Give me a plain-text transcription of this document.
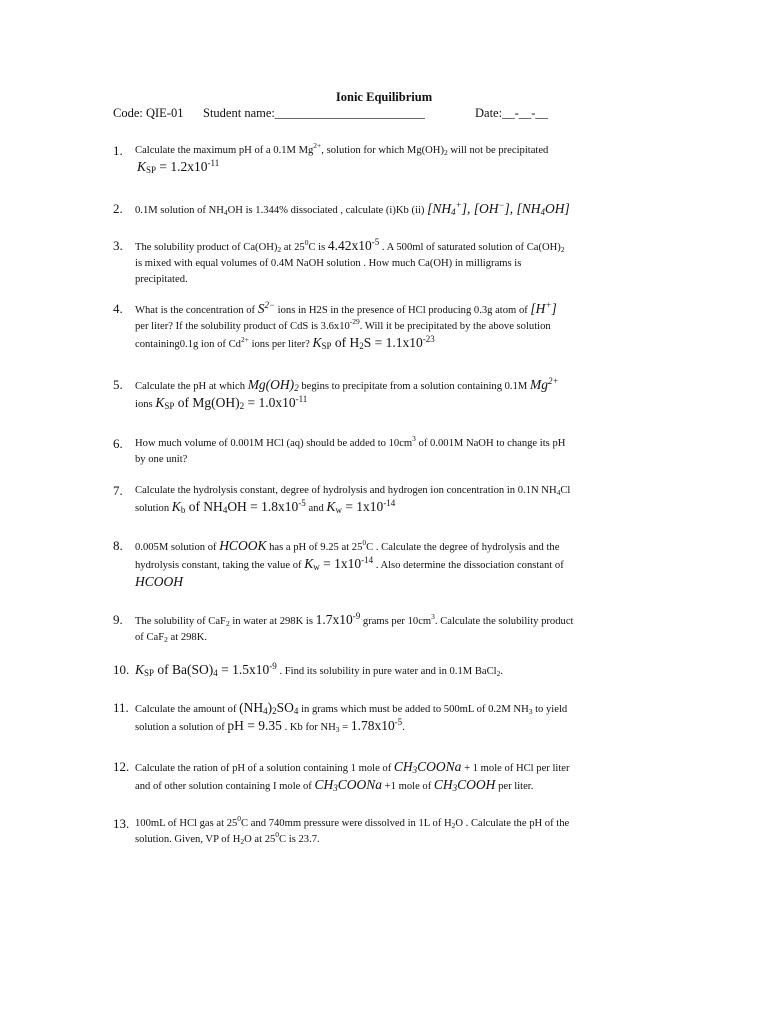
Ionic Equilibrium
Code: QIE-01 Student name:________________________	Date:__-__-__
1. Calculate the maximum pH of a 0.1M $Mg^{2+}$, solution for which $Mg(OH)_2$ will not be precipitated
$K_{SP} = 1.2x10^{-11}$
2. 0.1M solution of $NH_4OH$ is 1.344% dissociated , calculate (i)Kb (ii) $[NH_4^+]$, [OH−], $[NH_4OH]$
3. The solubility product of $Ca(OH)_2$ at $25^0C$ is $4.42x10^{-5}$ . A 500ml of saturated solution of $Ca(OH)_2$
is mixed with equal volumes of 0.4M NaOH solution . How much Ca(OH) in milligrams is
precipitated.
4. What is the concentration of $S^{2-}$ ions in H2S in the presence of HCl producing 0.3g atom of [H+]
per liter? If the solubility product of CdS is $3.6x10^{-29}$. Will it be precipitated by the above solution
containing0.1g ion of $Cd^{2+}$ ions per liter? $K_{SP}$ of $H_2S = 1.1x10^{-23}$
5. Calculate the pH at which $Mg(OH)_2$ begins to precipitate from a solution containing 0.1M $Mg^{2+}$
ions $K_{SP}$ of $Mg(OH)_2 = 1.0x10^{-11}$
6. How much volume of 0.001M HCl (aq) should be added to $10cm^3$ of 0.001M NaOH to change its pH
by one unit?
7. Calculate the hydrolysis constant, degree of hydrolysis and hydrogen ion concentration in 0.1N $NH_4Cl$
solution $K_b$ of $NH_4OH = 1.8x10^{-5}$ and $K_w = 1x10^{-14}$
8. 0.005M solution of HCOOK has a pH of 9.25 at $25^0C$ . Calculate the degree of hydrolysis and the
hydrolysis constant, taking the value of $K_w = 1x10^{-14}$ . Also determine the dissociation constant of
HCOOH
9. The solubility of CaF$_2$ in water at 298K is $1.7x10^{-9}$ grams per $10cm^3$. Calculate the solubility product
of CaF$_2$ at 298K.
10. $K_{SP}$ of $Ba(SO)_4 = 1.5x10^{-9}$ . Find its solubility in pure water and in 0.1M BaCl$_2$.
11. Calculate the amount of $(NH_4)_2SO_4$ in grams which must be added to 500mL of 0.2M $NH_3$ to yield
solution a solution of pH = 9.35 . Kb for $NH_3 = 1.78x10^{-5}$.
12. Calculate the ration of pH of a solution containing 1 mole of $CH_3COONa + 1$ mole of HCl per liter
and of other solution containing I mole of $CH_3COONa +1$ mole of $CH_3COOH$ per liter.
13. 100mL of HCl gas at $25^0C$ and 740mm pressure were dissolved in 1L of $H_2O$ . Calculate the pH of the
solution. Given, VP of $H_2O$ at $25^0C$ is 23.7.
